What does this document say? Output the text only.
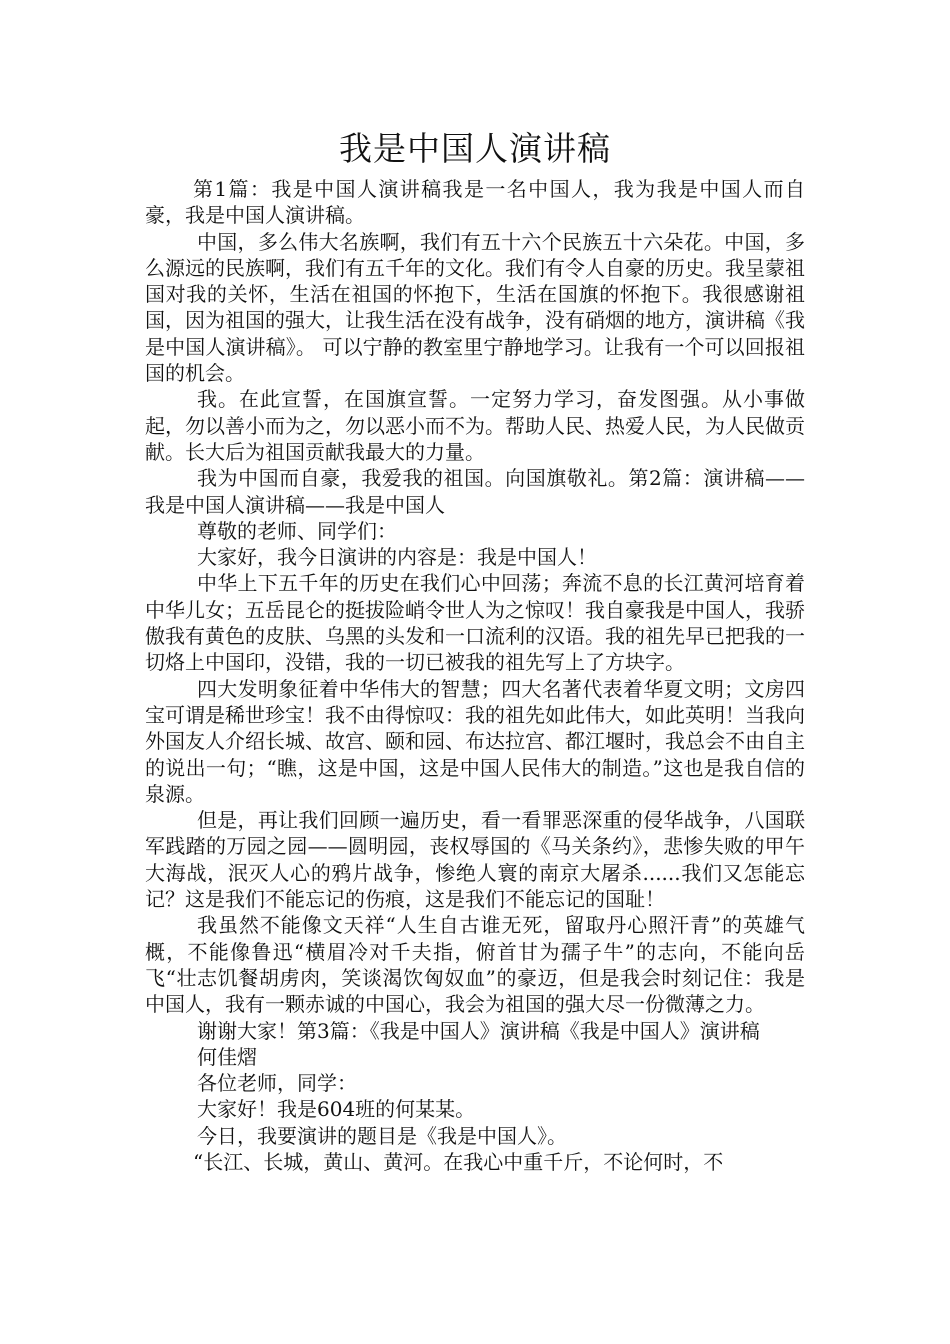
我是中国人演讲稿

第1篇：我是中国人演讲稿我是一名中国人，我为我是中国人而自豪，我是中国人演讲稿。

中国，多么伟大名族啊，我们有五十六个民族五十六朵花。中国，多么源远的民族啊，我们有五千年的文化。我们有令人自豪的历史。我呈蒙祖国对我的关怀，生活在祖国的怀抱下，生活在国旗的怀抱下。我很感谢祖国，因为祖国的强大，让我生活在没有战争，没有硝烟的地方，演讲稿《我是中国人演讲稿》。 可以宁静的教室里宁静地学习。让我有一个可以回报祖国的机会。

我。在此宣誓，在国旗宣誓。一定努力学习，奋发图强。从小事做起，勿以善小而为之，勿以恶小而不为。帮助人民、热爱人民，为人民做贡献。长大后为祖国贡献我最大的力量。

我为中国而自豪，我爱我的祖国。向国旗敬礼。第2篇：演讲稿——我是中国人演讲稿——我是中国人

尊敬的老师、同学们：

大家好，我今日演讲的内容是：我是中国人！

中华上下五千年的历史在我们心中回荡；奔流不息的长江黄河培育着中华儿女；五岳昆仑的挺拔险峭令世人为之惊叹！我自豪我是中国人，我骄傲我有黄色的皮肤、乌黑的头发和一口流利的汉语。我的祖先早已把我的一切烙上中国印，没错，我的一切已被我的祖先写上了方块字。

四大发明象征着中华伟大的智慧；四大名著代表着华夏文明；文房四宝可谓是稀世珍宝！我不由得惊叹：我的祖先如此伟大，如此英明！当我向外国友人介绍长城、故宫、颐和园、布达拉宫、都江堰时，我总会不由自主的说出一句；“瞧，这是中国，这是中国人民伟大的制造。”这也是我自信的泉源。

但是，再让我们回顾一遍历史，看一看罪恶深重的侵华战争，八国联军践踏的万园之园——圆明园，丧权辱国的《马关条约》，悲惨失败的甲午大海战，泯灭人心的鸦片战争，惨绝人寰的南京大屠杀......我们又怎能忘记？这是我们不能忘记的伤痕，这是我们不能忘记的国耻！

我虽然不能像文天祥“人生自古谁无死，留取丹心照汗青”的英雄气概，不能像鲁迅“横眉冷对千夫指，俯首甘为孺子牛”的志向，不能向岳飞“壮志饥餐胡虏肉，笑谈渴饮匈奴血”的豪迈，但是我会时刻记住：我是中国人，我有一颗赤诚的中国心，我会为祖国的强大尽一份微薄之力。

谢谢大家！第3篇：《我是中国人》演讲稿《我是中国人》演讲稿

何佳熠

各位老师，同学：

大家好！我是604班的何某某。

今日，我要演讲的题目是《我是中国人》。

“长江、长城，黄山、黄河。在我心中重千斤，不论何时，不
